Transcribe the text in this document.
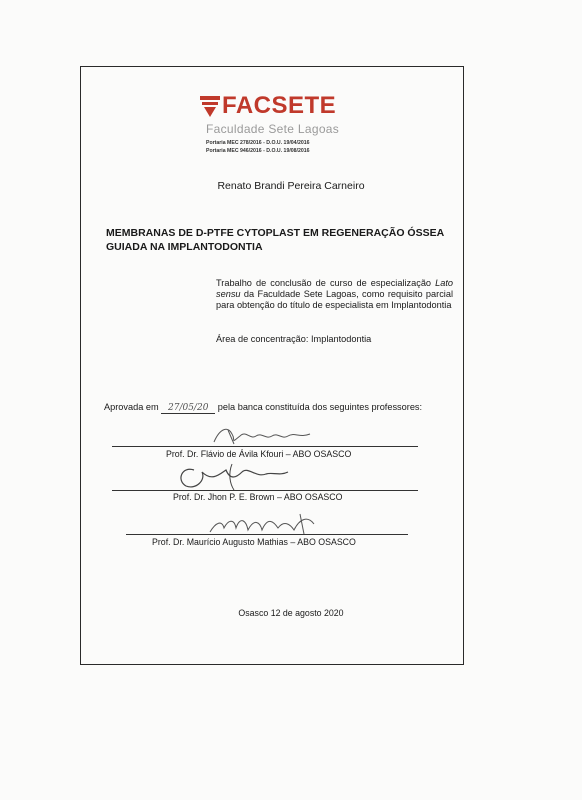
FACSETE
Faculdade Sete Lagoas
Portaria MEC 278/2016 - D.O.U. 19/04/2016
Portaria MEC 946/2016 - D.O.U. 19/08/2016
Renato Brandi Pereira Carneiro
MEMBRANAS DE D-PTFE CYTOPLAST EM REGENERAÇÃO ÓSSEA
GUIADA NA IMPLANTODONTIA
Trabalho de conclusão de curso de especialização Lato sensu da Faculdade Sete Lagoas, como requisito parcial para obtenção do título de especialista em Implantodontia
Área de concentração: Implantodontia
Aprovada em 27/05/20 pela banca constituída dos seguintes professores:
Prof. Dr. Flávio de Ávila Kfouri – ABO OSASCO
Prof. Dr. Jhon P. E. Brown – ABO OSASCO
Prof. Dr. Maurício Augusto Mathias – ABO OSASCO
Osasco 12 de agosto 2020
